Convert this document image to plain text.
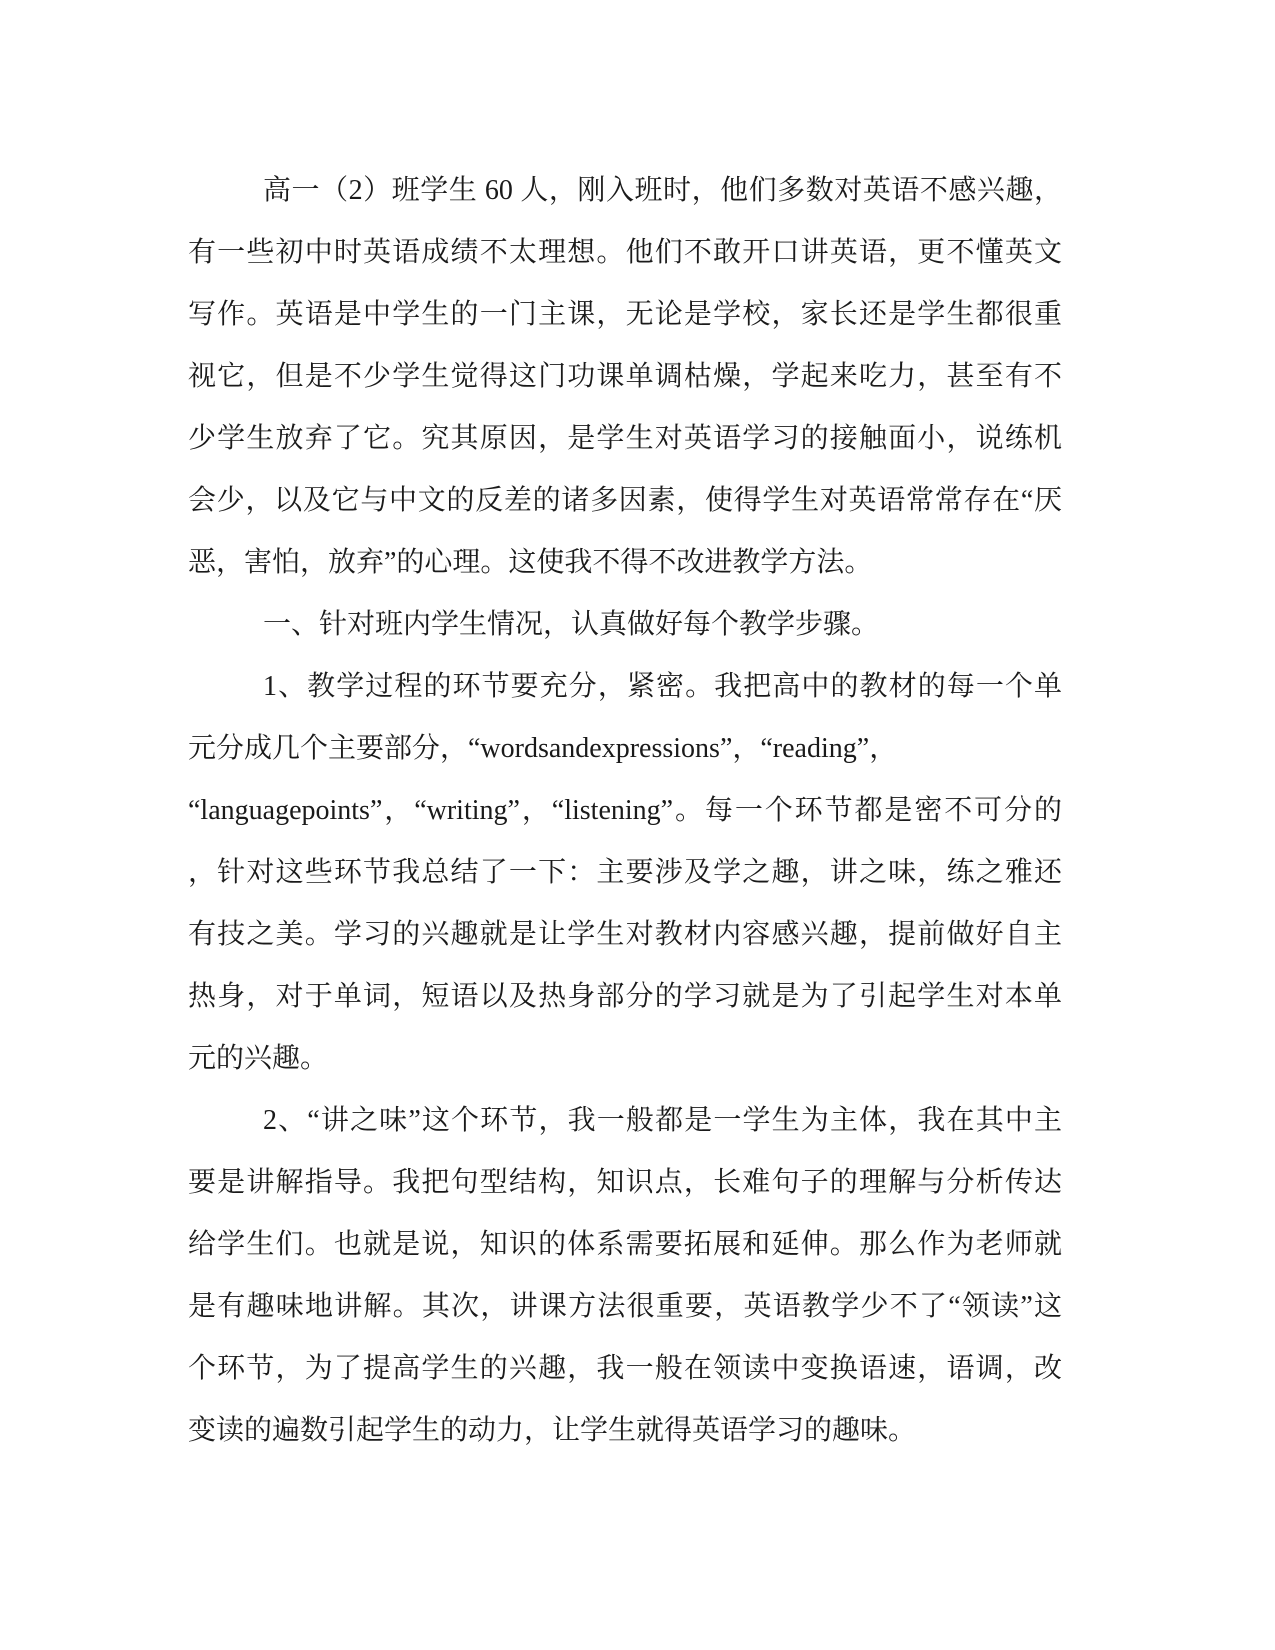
高一（2）班学生 60 人，刚入班时，他们多数对英语不感兴趣，
有一些初中时英语成绩不太理想。他们不敢开口讲英语，更不懂英文
写作。英语是中学生的一门主课，无论是学校，家长还是学生都很重
视它，但是不少学生觉得这门功课单调枯燥，学起来吃力，甚至有不
少学生放弃了它。究其原因，是学生对英语学习的接触面小，说练机
会少，以及它与中文的反差的诸多因素，使得学生对英语常常存在“厌
恶，害怕，放弃”的心理。这使我不得不改进教学方法。
一、针对班内学生情况，认真做好每个教学步骤。
1、教学过程的环节要充分，紧密。我把高中的教材的每一个单
元分成几个主要部分，“wordsandexpressions”，“reading”，
“languagepoints”，“writing”，“listening”。每一个环节都是密不可分的
，针对这些环节我总结了一下：主要涉及学之趣，讲之味，练之雅还
有技之美。学习的兴趣就是让学生对教材内容感兴趣，提前做好自主
热身，对于单词，短语以及热身部分的学习就是为了引起学生对本单
元的兴趣。
2、“讲之味”这个环节，我一般都是一学生为主体，我在其中主
要是讲解指导。我把句型结构，知识点，长难句子的理解与分析传达
给学生们。也就是说，知识的体系需要拓展和延伸。那么作为老师就
是有趣味地讲解。其次，讲课方法很重要，英语教学少不了“领读”这
个环节，为了提高学生的兴趣，我一般在领读中变换语速，语调，改
变读的遍数引起学生的动力，让学生就得英语学习的趣味。
